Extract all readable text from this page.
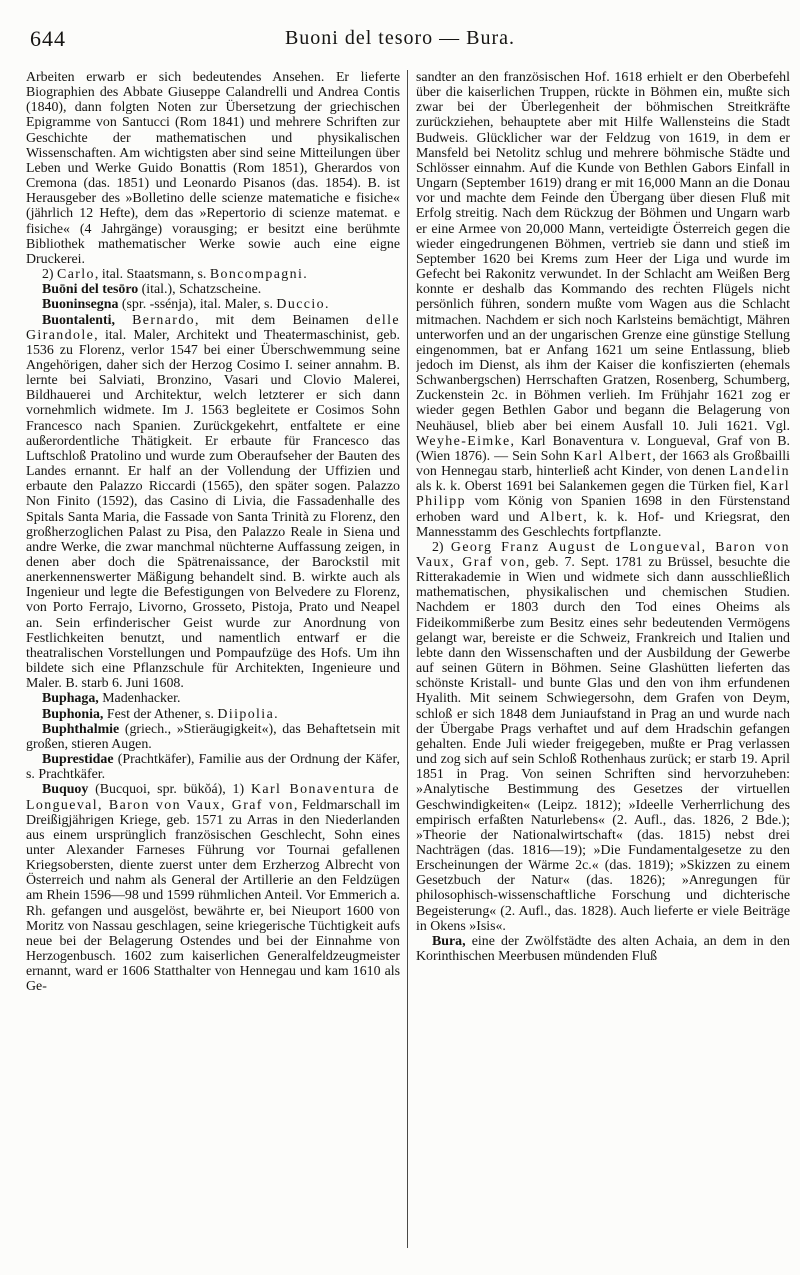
644	Buoni del tesoro — Bura.

Arbeiten erwarb er sich bedeutendes Ansehen. Er lieferte Biographien des Abbate Giuseppe Calandrelli und Andrea Contis (1840), dann folgten Noten zur Übersetzung der griechischen Epigramme von Santucci (Rom 1841) und mehrere Schriften zur Geschichte der mathematischen und physikalischen Wissenschaften. Am wichtigsten aber sind seine Mitteilungen über Leben und Werke Guido Bonattis (Rom 1851), Gherardos von Cremona (das. 1851) und Leonardo Pisanos (das. 1854). B. ist Herausgeber des »Bolletino delle scienze matematiche e fisiche« (jährlich 12 Hefte), dem das »Repertorio di scienze matemat. e fisiche« (4 Jahrgänge) vorausging; er besitzt eine berühmte Bibliothek mathematischer Werke sowie auch eine eigne Druckerei.

2) Carlo, ital. Staatsmann, s. Boncompagni.

Buōni del tesōro (ital.), Schatzscheine.

Buoninsegna (spr. -ssénja), ital. Maler, s. Duccio.

Buontalenti, Bernardo, mit dem Beinamen delle Girandole, ital. Maler, Architekt und Theatermaschinist, geb. 1536 zu Florenz, verlor 1547 bei einer Überschwemmung seine Angehörigen, daher sich der Herzog Cosimo I. seiner annahm. B. lernte bei Salviati, Bronzino, Vasari und Clovio Malerei, Bildhauerei und Architektur, welch letzterer er sich dann vornehmlich widmete. Im J. 1563 begleitete er Cosimos Sohn Francesco nach Spanien. Zurückgekehrt, entfaltete er eine außerordentliche Thätigkeit. Er erbaute für Francesco das Luftschloß Pratolino und wurde zum Oberaufseher der Bauten des Landes ernannt. Er half an der Vollendung der Uffizien und erbaute den Palazzo Riccardi (1565), den später sogen. Palazzo Non Finito (1592), das Casino di Livia, die Fassadenhalle des Spitals Santa Maria, die Fassade von Santa Trinità zu Florenz, den großherzoglichen Palast zu Pisa, den Palazzo Reale in Siena und andre Werke, die zwar manchmal nüchterne Auffassung zeigen, in denen aber doch die Spätrenaissance, der Barockstil mit anerkennenswerter Mäßigung behandelt sind. B. wirkte auch als Ingenieur und legte die Befestigungen von Belvedere zu Florenz, von Porto Ferrajo, Livorno, Grosseto, Pistoja, Prato und Neapel an. Sein erfinderischer Geist wurde zur Anordnung von Festlichkeiten benutzt, und namentlich entwarf er die theatralischen Vorstellungen und Pompaufzüge des Hofs. Um ihn bildete sich eine Pflanzschule für Architekten, Ingenieure und Maler. B. starb 6. Juni 1608.

Buphaga, Madenhacker.

Buphonia, Fest der Athener, s. Diipolia.

Buphthalmie (griech., »Stieräugigkeit«), das Behaftetsein mit großen, stieren Augen.

Buprestidae (Prachtkäfer), Familie aus der Ordnung der Käfer, s. Prachtkäfer.

Buquoy (Bucquoi, spr. bükŏá), 1) Karl Bonaventura de Longueval, Baron von Vaux, Graf von, Feldmarschall im Dreißigjährigen Kriege, geb. 1571 zu Arras in den Niederlanden aus einem ursprünglich französischen Geschlecht, Sohn eines unter Alexander Farneses Führung vor Tournai gefallenen Kriegsobersten, diente zuerst unter dem Erzherzog Albrecht von Österreich und nahm als General der Artillerie an den Feldzügen am Rhein 1596—98 und 1599 rühmlichen Anteil. Vor Emmerich a. Rh. gefangen und ausgelöst, bewährte er, bei Nieuport 1600 von Moritz von Nassau geschlagen, seine kriegerische Tüchtigkeit aufs neue bei der Belagerung Ostendes und bei der Einnahme von Herzogenbusch. 1602 zum kaiserlichen Generalfeldzeugmeister ernannt, ward er 1606 Statthalter von Hennegau und kam 1610 als Ge-

sandter an den französischen Hof. 1618 erhielt er den Oberbefehl über die kaiserlichen Truppen, rückte in Böhmen ein, mußte sich zwar bei der Überlegenheit der böhmischen Streitkräfte zurückziehen, behauptete aber mit Hilfe Wallensteins die Stadt Budweis. Glücklicher war der Feldzug von 1619, in dem er Mansfeld bei Netolitz schlug und mehrere böhmische Städte und Schlösser einnahm. Auf die Kunde von Bethlen Gabors Einfall in Ungarn (September 1619) drang er mit 16,000 Mann an die Donau vor und machte dem Feinde den Übergang über diesen Fluß mit Erfolg streitig. Nach dem Rückzug der Böhmen und Ungarn warb er eine Armee von 20,000 Mann, verteidigte Österreich gegen die wieder eingedrungenen Böhmen, vertrieb sie dann und stieß im September 1620 bei Krems zum Heer der Liga und wurde im Gefecht bei Rakonitz verwundet. In der Schlacht am Weißen Berg konnte er deshalb das Kommando des rechten Flügels nicht persönlich führen, sondern mußte vom Wagen aus die Schlacht mitmachen. Nachdem er sich noch Karlsteins bemächtigt, Mähren unterworfen und an der ungarischen Grenze eine günstige Stellung eingenommen, bat er Anfang 1621 um seine Entlassung, blieb jedoch im Dienst, als ihm der Kaiser die konfiszierten (ehemals Schwanbergschen) Herrschaften Gratzen, Rosenberg, Schumberg, Zuckenstein 2c. in Böhmen verlieh. Im Frühjahr 1621 zog er wieder gegen Bethlen Gabor und begann die Belagerung von Neuhäusel, blieb aber bei einem Ausfall 10. Juli 1621. Vgl. Weyhe-Eimke, Karl Bonaventura v. Longueval, Graf von B. (Wien 1876). — Sein Sohn Karl Albert, der 1663 als Großbailli von Hennegau starb, hinterließ acht Kinder, von denen Landelin als k. k. Oberst 1691 bei Salankemen gegen die Türken fiel, Karl Philipp vom König von Spanien 1698 in den Fürstenstand erhoben ward und Albert, k. k. Hof- und Kriegsrat, den Mannesstamm des Geschlechts fortpflanzte.

2) Georg Franz August de Longueval, Baron von Vaux, Graf von, geb. 7. Sept. 1781 zu Brüssel, besuchte die Ritterakademie in Wien und widmete sich dann ausschließlich mathematischen, physikalischen und chemischen Studien. Nachdem er 1803 durch den Tod eines Oheims als Fideikommißerbe zum Besitz eines sehr bedeutenden Vermögens gelangt war, bereiste er die Schweiz, Frankreich und Italien und lebte dann den Wissenschaften und der Ausbildung der Gewerbe auf seinen Gütern in Böhmen. Seine Glashütten lieferten das schönste Kristall- und bunte Glas und den von ihm erfundenen Hyalith. Mit seinem Schwiegersohn, dem Grafen von Deym, schloß er sich 1848 dem Juniaufstand in Prag an und wurde nach der Übergabe Prags verhaftet und auf dem Hradschin gefangen gehalten. Ende Juli wieder freigegeben, mußte er Prag verlassen und zog sich auf sein Schloß Rothenhaus zurück; er starb 19. April 1851 in Prag. Von seinen Schriften sind hervorzuheben: »Analytische Bestimmung des Gesetzes der virtuellen Geschwindigkeiten« (Leipz. 1812); »Ideelle Verherrlichung des empirisch erfaßten Naturlebens« (2. Aufl., das. 1826, 2 Bde.); »Theorie der Nationalwirtschaft« (das. 1815) nebst drei Nachträgen (das. 1816—19); »Die Fundamentalgesetze zu den Erscheinungen der Wärme 2c.« (das. 1819); »Skizzen zu einem Gesetzbuch der Natur« (das. 1826); »Anregungen für philosophisch-wissenschaftliche Forschung und dichterische Begeisterung« (2. Aufl., das. 1828). Auch lieferte er viele Beiträge in Okens »Isis«.

Bura, eine der Zwölfstädte des alten Achaia, an dem in den Korinthischen Meerbusen mündenden Fluß
